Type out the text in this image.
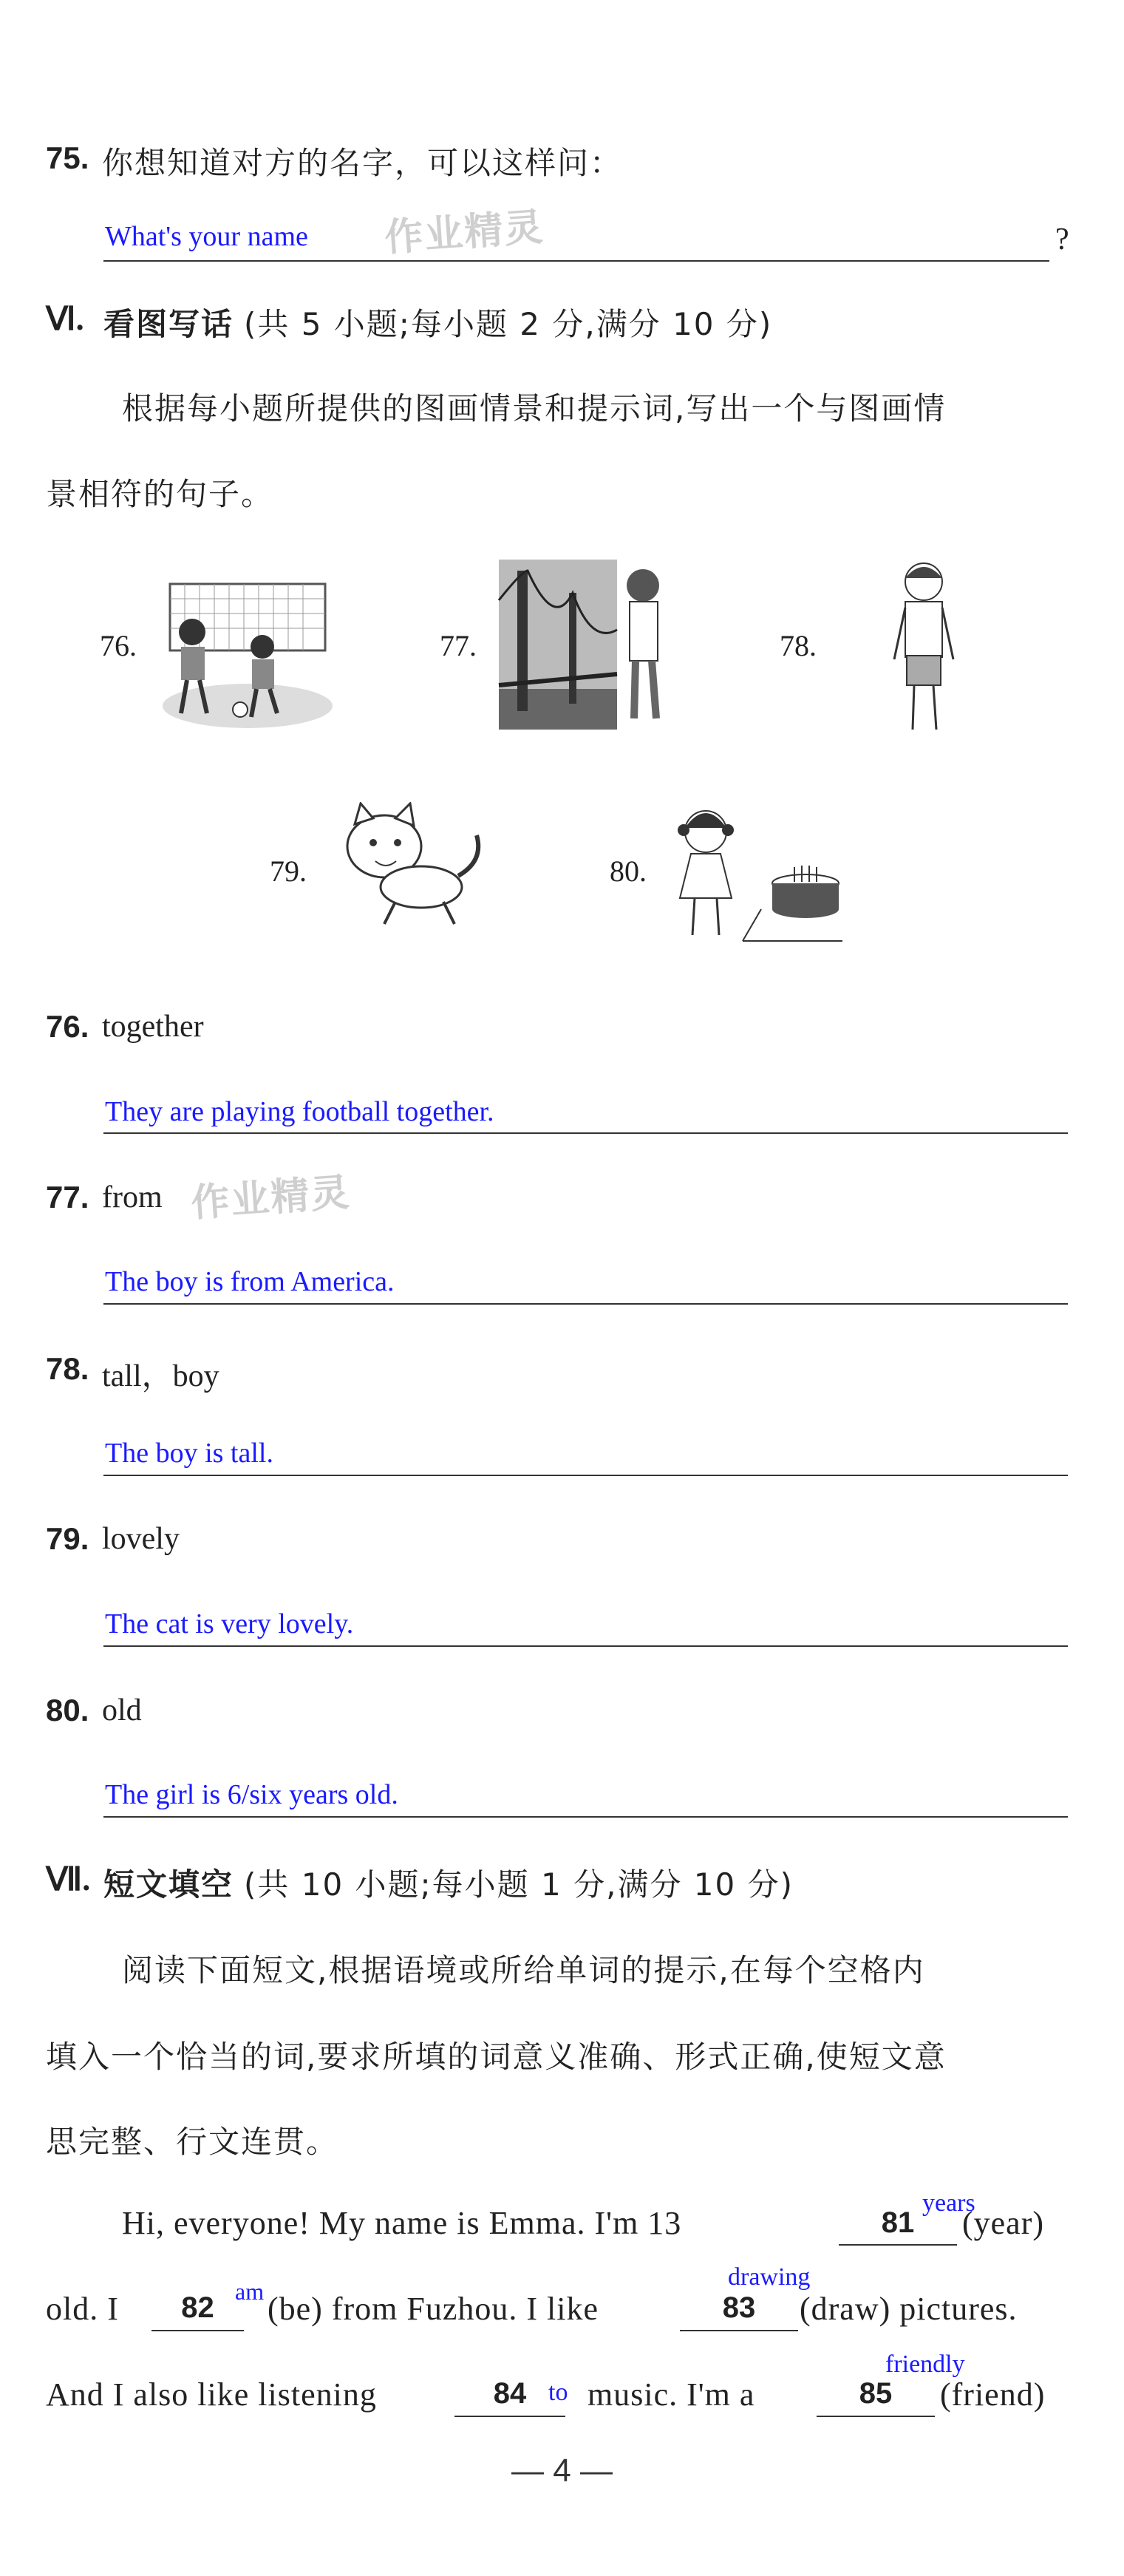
75. 你想知道对方的名字，可以这样问：
What's your name 作业精灵	?
Ⅵ. 看图写话 (共 5 小题;每小题 2 分,满分 10 分)
根据每小题所提供的图画情景和提示词,写出一个与图画情
景相符的句子。
76.	77.	78.
79.	80.
76. together
They are playing football together.
77. from 作业精灵
The boy is from America.
78. tall，boy
The boy is tall.
79. lovely
The cat is very lovely.
80. old
The girl is 6/six years old.
Ⅶ. 短文填空 (共 10 小题;每小题 1 分,满分 10 分)
阅读下面短文,根据语境或所给单词的提示,在每个空格内
填入一个恰当的词,要求所填的词意义准确、形式正确,使短文意
思完整、行文连贯。
Hi, everyone! My name is Emma. I'm 13	81
years
(year)
old. I	82 am (be) from Fuzhou. I like	83
drawing
(draw) pictures.
And I also like listening	84 to music. I'm a	85
friendly
(friend)
— 4 —
